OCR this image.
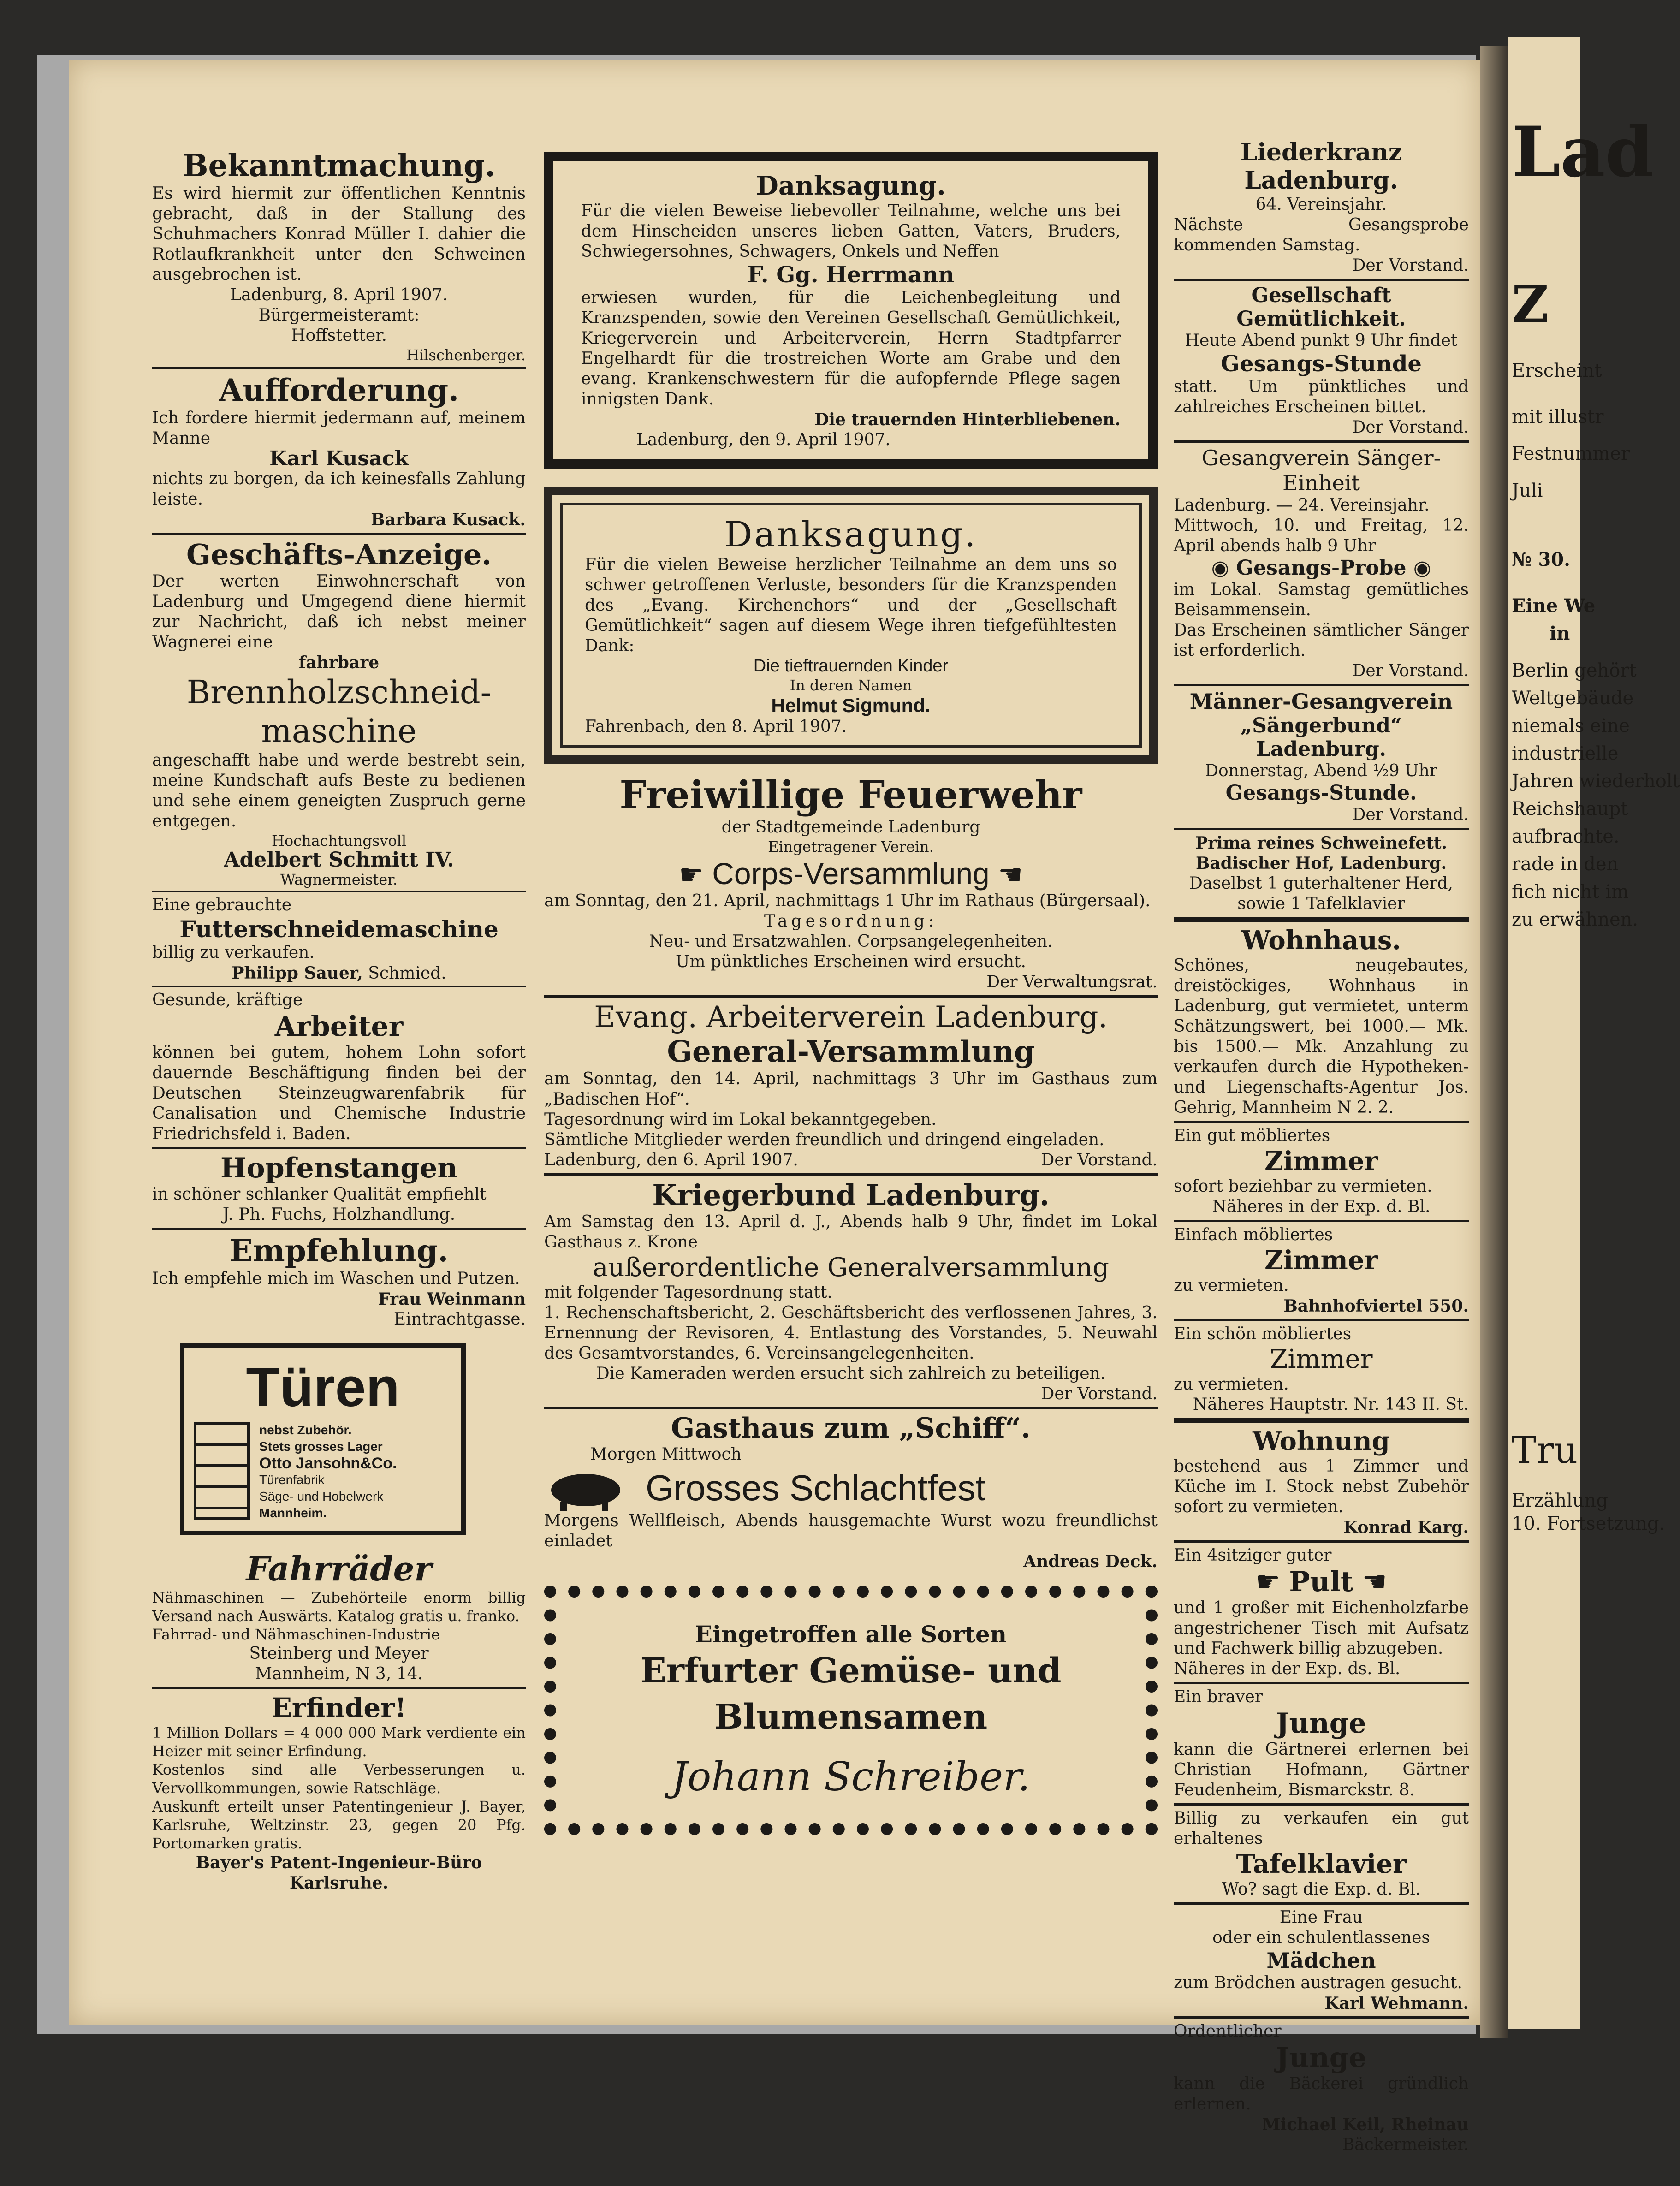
Bekanntmachung.
Es wird hiermit zur öffentlichen Kenntnis gebracht, daß in der Stallung des Schuhmachers Konrad Müller I. dahier die Rotlaufkrankheit unter den Schweinen ausgebrochen ist.
Ladenburg, 8. April 1907.
Bürgermeisteramt:
Hoffstetter.
Hilschenberger.
Aufforderung.
Ich fordere hiermit jedermann auf, meinem Manne
Karl Kusack
nichts zu borgen, da ich keinesfalls Zahlung leiste.
Barbara Kusack.
Geschäfts-Anzeige.
Der werten Einwohnerschaft von Ladenburg und Umgegend diene hiermit zur Nachricht, daß ich nebst meiner Wagnerei eine
fahrbare
Brennholzschneid-maschine
angeschafft habe und werde bestrebt sein, meine Kundschaft aufs Beste zu bedienen und sehe einem geneigten Zuspruch gerne entgegen.
Hochachtungsvoll
Adelbert Schmitt IV.
Wagnermeister.
Eine gebrauchte
Futterschneidemaschine
billig zu verkaufen.
Philipp Sauer, Schmied.
Gesunde, kräftige
Arbeiter
können bei gutem, hohem Lohn sofort dauernde Beschäftigung finden bei der Deutschen Steinzeugwarenfabrik für Canalisation und Chemische Industrie Friedrichsfeld i. Baden.
Hopfenstangen
in schöner schlanker Qualität empfiehlt
J. Ph. Fuchs, Holzhandlung.
Empfehlung.
Ich empfehle mich im Waschen und Putzen.
Frau Weinmann
Eintrachtgasse.
Türen
nebst Zubehör.
Stets grosses Lager
Otto Jansohn&Co.
Türenfabrik
Säge- und Hobelwerk
Mannheim.
Fahrräder
Nähmaschinen — Zubehörteile enorm billig Versand nach Auswärts. Katalog gratis u. franko.
Fahrrad- und Nähmaschinen-Industrie
Steinberg und Meyer
Mannheim, N 3, 14.
Erfinder!
1 Million Dollars = 4 000 000 Mark verdiente ein Heizer mit seiner Erfindung.
Kostenlos sind alle Verbesserungen u. Vervollkommungen, sowie Ratschläge.
Auskunft erteilt unser Patentingenieur J. Bayer, Karlsruhe, Weltzinstr. 23, gegen 20 Pfg. Portomarken gratis.
Bayer's Patent-Ingenieur-Büro
Karlsruhe.
Danksagung.
Für die vielen Beweise liebevoller Teilnahme, welche uns bei dem Hinscheiden unseres lieben Gatten, Vaters, Bruders, Schwiegersohnes, Schwagers, Onkels und Neffen
F. Gg. Herrmann
erwiesen wurden, für die Leichenbegleitung und Kranzspenden, sowie den Vereinen Gesellschaft Gemütlichkeit, Kriegerverein und Arbeiterverein, Herrn Stadtpfarrer Engelhardt für die trostreichen Worte am Grabe und den evang. Krankenschwestern für die aufopfernde Pflege sagen innigsten Dank.
Die trauernden Hinterbliebenen.
Ladenburg, den 9. April 1907.
Danksagung.
Für die vielen Beweise herzlicher Teilnahme an dem uns so schwer getroffenen Verluste, besonders für die Kranzspenden des „Evang. Kirchenchors“ und der „Gesellschaft Gemütlichkeit“ sagen auf diesem Wege ihren tiefgefühltesten Dank:
Die tieftrauernden Kinder
In deren Namen
Helmut Sigmund.
Fahrenbach, den 8. April 1907.
Freiwillige Feuerwehr
der Stadtgemeinde Ladenburg
Eingetragener Verein.
☛ Corps-Versammlung ☚
am Sonntag, den 21. April, nachmittags 1 Uhr im Rathaus (Bürgersaal).
Tagesordnung:
Neu- und Ersatzwahlen. Corpsangelegenheiten.
Um pünktliches Erscheinen wird ersucht.
Der Verwaltungsrat.
Evang. Arbeiterverein Ladenburg.
General-Versammlung
am Sonntag, den 14. April, nachmittags 3 Uhr im Gasthaus zum „Badischen Hof“.
Tagesordnung wird im Lokal bekanntgegeben.
Sämtliche Mitglieder werden freundlich und dringend eingeladen.
Ladenburg, den 6. April 1907.	Der Vorstand.
Kriegerbund Ladenburg.
Am Samstag den 13. April d. J., Abends halb 9 Uhr, findet im Lokal Gasthaus z. Krone
außerordentliche Generalversammlung
mit folgender Tagesordnung statt.
1. Rechenschaftsbericht, 2. Geschäftsbericht des verflossenen Jahres, 3. Ernennung der Revisoren, 4. Entlastung des Vorstandes, 5. Neuwahl des Gesamtvorstandes, 6. Vereinsangelegenheiten.
Die Kameraden werden ersucht sich zahlreich zu beteiligen.
Der Vorstand.
Gasthaus zum „Schiff“.
Morgen Mittwoch
Grosses Schlachtfest
Morgens Wellfleisch, Abends hausgemachte Wurst wozu freundlichst einladet
Andreas Deck.
Eingetroffen alle Sorten
Erfurter Gemüse- und
Blumensamen
Johann Schreiber.
Liederkranz Ladenburg.
64. Vereinsjahr.
Nächste Gesangsprobe kommenden Samstag.
Der Vorstand.
Gesellschaft Gemütlichkeit.
Heute Abend punkt 9 Uhr findet
Gesangs-Stunde
statt. Um pünktliches und zahlreiches Erscheinen bittet.
Der Vorstand.
Gesangverein Sänger-Einheit
Ladenburg. — 24. Vereinsjahr.
Mittwoch, 10. und Freitag, 12. April abends halb 9 Uhr
◉ Gesangs-Probe ◉
im Lokal. Samstag gemütliches Beisammensein.
Das Erscheinen sämtlicher Sänger ist erforderlich.
Der Vorstand.
Männer-Gesangverein
„Sängerbund“ Ladenburg.
Donnerstag, Abend ½9 Uhr
Gesangs-Stunde.
Der Vorstand.
Prima reines Schweinefett.
Badischer Hof, Ladenburg.
Daselbst 1 guterhaltener Herd, sowie 1 Tafelklavier
Wohnhaus.
Schönes, neugebautes, dreistöckiges, Wohnhaus in Ladenburg, gut vermietet, unterm Schätzungswert, bei 1000.— Mk. bis 1500.— Mk. Anzahlung zu verkaufen durch die Hypotheken- und Liegenschafts-Agentur Jos. Gehrig, Mannheim N 2. 2.
Ein gut möbliertes
Zimmer
sofort beziehbar zu vermieten.
Näheres in der Exp. d. Bl.
Einfach möbliertes
Zimmer
zu vermieten.
Bahnhofviertel 550.
Ein schön möbliertes
Zimmer
zu vermieten.
Näheres Hauptstr. Nr. 143 II. St.
Wohnung
bestehend aus 1 Zimmer und Küche im I. Stock nebst Zubehör sofort zu vermieten.
Konrad Karg.
Ein 4sitziger guter
☛ Pult ☚
und 1 großer mit Eichenholzfarbe angestrichener Tisch mit Aufsatz und Fachwerk billig abzugeben.
Näheres in der Exp. ds. Bl.
Ein braver
Junge
kann die Gärtnerei erlernen bei Christian Hofmann, Gärtner Feudenheim, Bismarckstr. 8.
Billig zu verkaufen ein gut erhaltenes
Tafelklavier
Wo? sagt die Exp. d. Bl.
Eine Frau
oder ein schulentlassenes
Mädchen
zum Brödchen austragen gesucht.
Karl Wehmann.
Ordentlicher
Junge
kann die Bäckerei gründlich erlernen.
Michael Keil, Rheinau
Bäckermeister.
Lad
Z
Erscheint
mit illustr
Festnummer
Juli
№ 30.
Eine We
in
Berlin gehört
Weltgebäude
niemals eine
industrielle
Jahren wiederholt
Reichshaupt
aufbrachte.
rade in den
fich nicht im
zu erwähnen.
Tru
Erzählung
10. Fortsetzung.
